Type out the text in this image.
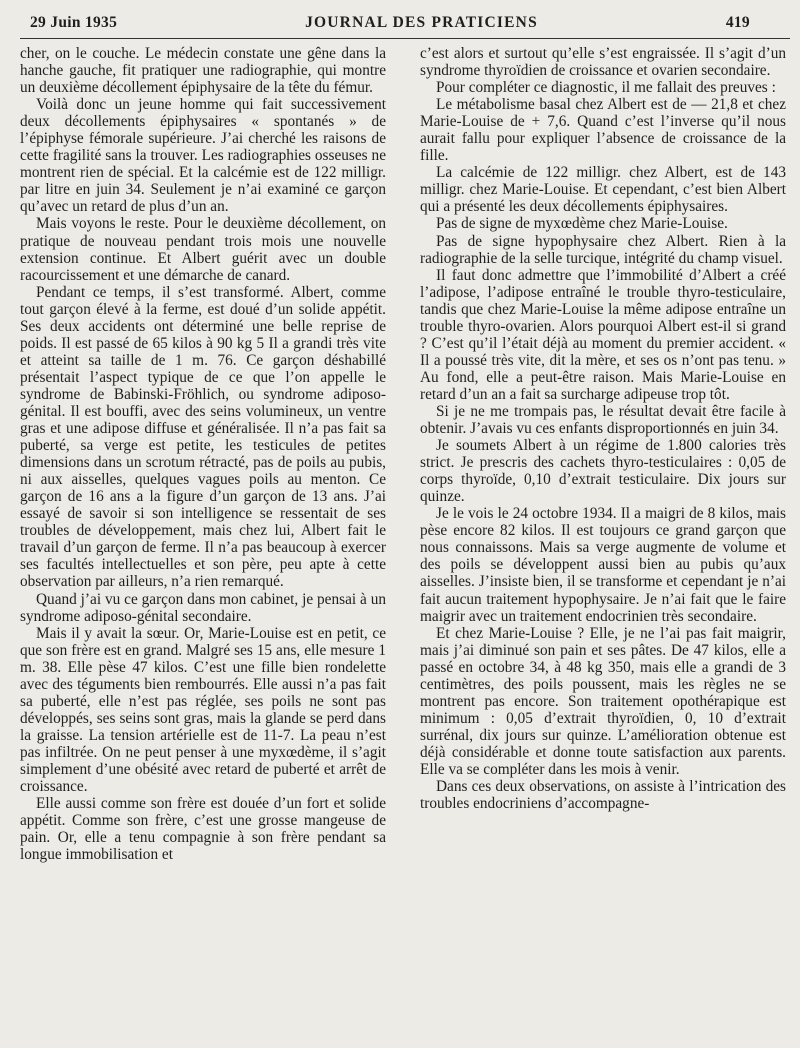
29 Juin 1935	JOURNAL DES PRATICIENS	419

cher, on le couche. Le médecin constate une gêne dans la hanche gauche, fit pratiquer une radiographie, qui montre un deuxième décollement épiphysaire de la tête du fémur.

Voilà donc un jeune homme qui fait successivement deux décollements épiphysaires « spontanés » de l’épiphyse fémorale supérieure. J’ai cherché les raisons de cette fragilité sans la trouver. Les radiographies osseuses ne montrent rien de spécial. Et la calcémie est de 122 milligr. par litre en juin 34. Seulement je n’ai examiné ce garçon qu’avec un retard de plus d’un an.

Mais voyons le reste. Pour le deuxième décollement, on pratique de nouveau pendant trois mois une nouvelle extension continue. Et Albert guérit avec un double racourcissement et une démarche de canard.

Pendant ce temps, il s’est transformé. Albert, comme tout garçon élevé à la ferme, est doué d’un solide appétit. Ses deux accidents ont déterminé une belle reprise de poids. Il est passé de 65 kilos à 90 kg 5 Il a grandi très vite et atteint sa taille de 1 m. 76. Ce garçon déshabillé présentait l’aspect typique de ce que l’on appelle le syndrome de Babinski-Fröhlich, ou syndrome adiposo-génital. Il est bouffi, avec des seins volumineux, un ventre gras et une adipose diffuse et généralisée. Il n’a pas fait sa puberté, sa verge est petite, les testicules de petites dimensions dans un scrotum rétracté, pas de poils au pubis, ni aux aisselles, quelques vagues poils au menton. Ce garçon de 16 ans a la figure d’un garçon de 13 ans. J’ai essayé de savoir si son intelligence se ressentait de ses troubles de développement, mais chez lui, Albert fait le travail d’un garçon de ferme. Il n’a pas beaucoup à exercer ses facultés intellectuelles et son père, peu apte à cette observation par ailleurs, n’a rien remarqué.

Quand j’ai vu ce garçon dans mon cabinet, je pensai à un syndrome adiposo-génital secondaire.

Mais il y avait la sœur. Or, Marie-Louise est en petit, ce que son frère est en grand. Malgré ses 15 ans, elle mesure 1 m. 38. Elle pèse 47 kilos. C’est une fille bien rondelette avec des téguments bien rembourrés. Elle aussi n’a pas fait sa puberté, elle n’est pas réglée, ses poils ne sont pas développés, ses seins sont gras, mais la glande se perd dans la graisse. La tension artérielle est de 11-7. La peau n’est pas infiltrée. On ne peut penser à une myxœdème, il s’agit simplement d’une obésité avec retard de puberté et arrêt de croissance.

Elle aussi comme son frère est douée d’un fort et solide appétit. Comme son frère, c’est une grosse mangeuse de pain. Or, elle a tenu compagnie à son frère pendant sa longue immobilisation et

c’est alors et surtout qu’elle s’est engraissée. Il s’agit d’un syndrome thyroïdien de croissance et ovarien secondaire.

Pour compléter ce diagnostic, il me fallait des preuves :

Le métabolisme basal chez Albert est de — 21,8 et chez Marie-Louise de + 7,6. Quand c’est l’inverse qu’il nous aurait fallu pour expliquer l’absence de croissance de la fille.

La calcémie de 122 milligr. chez Albert, est de 143 milligr. chez Marie-Louise. Et cependant, c’est bien Albert qui a présenté les deux décollements épiphysaires.

Pas de signe de myxœdème chez Marie-Louise.

Pas de signe hypophysaire chez Albert. Rien à la radiographie de la selle turcique, intégrité du champ visuel.

Il faut donc admettre que l’immobilité d’Albert a créé l’adipose, l’adipose entraîné le trouble thyro-testiculaire, tandis que chez Marie-Louise la même adipose entraîne un trouble thyro-ovarien. Alors pourquoi Albert est-il si grand ? C’est qu’il l’était déjà au moment du premier accident. « Il a poussé très vite, dit la mère, et ses os n’ont pas tenu. » Au fond, elle a peut-être raison. Mais Marie-Louise en retard d’un an a fait sa surcharge adipeuse trop tôt.

Si je ne me trompais pas, le résultat devait être facile à obtenir. J’avais vu ces enfants disproportionnés en juin 34.

Je soumets Albert à un régime de 1.800 calories très strict. Je prescris des cachets thyro-testiculaires : 0,05 de corps thyroïde, 0,10 d’extrait testiculaire. Dix jours sur quinze.

Je le vois le 24 octobre 1934. Il a maigri de 8 kilos, mais pèse encore 82 kilos. Il est toujours ce grand garçon que nous connaissons. Mais sa verge augmente de volume et des poils se développent aussi bien au pubis qu’aux aisselles. J’insiste bien, il se transforme et cependant je n’ai fait aucun traitement hypophysaire. Je n’ai fait que le faire maigrir avec un traitement endocrinien très secondaire.

Et chez Marie-Louise ? Elle, je ne l’ai pas fait maigrir, mais j’ai diminué son pain et ses pâtes. De 47 kilos, elle a passé en octobre 34, à 48 kg 350, mais elle a grandi de 3 centimètres, des poils poussent, mais les règles ne se montrent pas encore. Son traitement opothérapique est minimum : 0,05 d’extrait thyroïdien, 0, 10 d’extrait surrénal, dix jours sur quinze. L’amélioration obtenue est déjà considérable et donne toute satisfaction aux parents. Elle va se compléter dans les mois à venir.

Dans ces deux observations, on assiste à l’intrication des troubles endocriniens d’accompagne-
